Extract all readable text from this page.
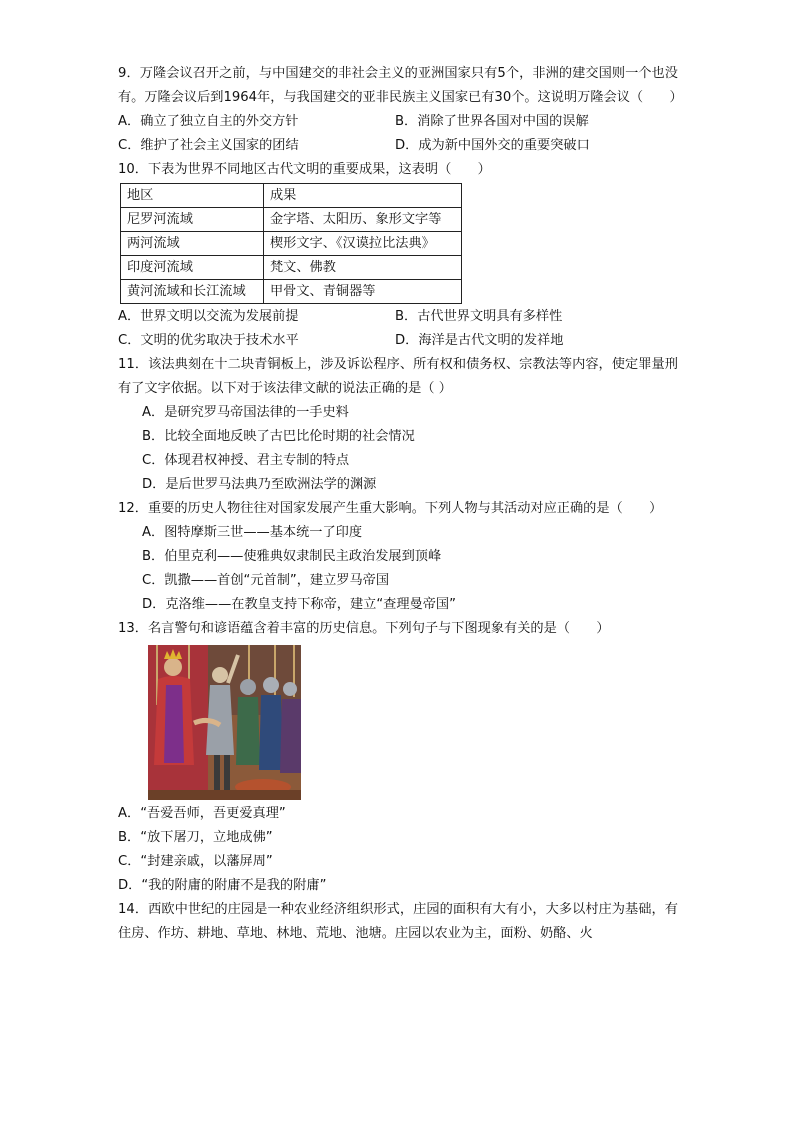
9．万隆会议召开之前，与中国建交的非社会主义的亚洲国家只有5个，非洲的建交国则一个也没有。万隆会议后到1964年，与我国建交的亚非民族主义国家已有30个。这说明万隆会议（　　）

A．确立了独立自主的外交方针	B．消除了世界各国对中国的误解
C．维护了社会主义国家的团结	D．成为新中国外交的重要突破口

10．下表为世界不同地区古代文明的重要成果，这表明（　　）

地区	成果
尼罗河流域	金字塔、太阳历、象形文字等
两河流域	楔形文字、《汉谟拉比法典》
印度河流域	梵文、佛教
黄河流域和长江流域	甲骨文、青铜器等
A．世界文明以交流为发展前提	B．古代世界文明具有多样性
C．文明的优劣取决于技术水平	D．海洋是古代文明的发祥地

11．该法典刻在十二块青铜板上，涉及诉讼程序、所有权和债务权、宗教法等内容，使定罪量刑有了文字依据。以下对于该法律文献的说法正确的是（ ）

A．是研究罗马帝国法律的一手史料
B．比较全面地反映了古巴比伦时期的社会情况
C．体现君权神授、君主专制的特点
D．是后世罗马法典乃至欧洲法学的渊源

12．重要的历史人物往往对国家发展产生重大影响。下列人物与其活动对应正确的是（　　）

A．图特摩斯三世——基本统一了印度
B．伯里克利——使雅典奴隶制民主政治发展到顶峰
C．凯撒——首创“元首制”，建立罗马帝国
D．克洛维——在教皇支持下称帝，建立“查理曼帝国”

13．名言警句和谚语蕴含着丰富的历史信息。下列句子与下图现象有关的是（　　）

A．“吾爱吾师，吾更爱真理”
B．“放下屠刀，立地成佛”
C．“封建亲戚，以藩屏周”
D．“我的附庸的附庸不是我的附庸”

14．西欧中世纪的庄园是一种农业经济组织形式，庄园的面积有大有小，大多以村庄为基础，有住房、作坊、耕地、草地、林地、荒地、池塘。庄园以农业为主，面粉、奶酪、火
